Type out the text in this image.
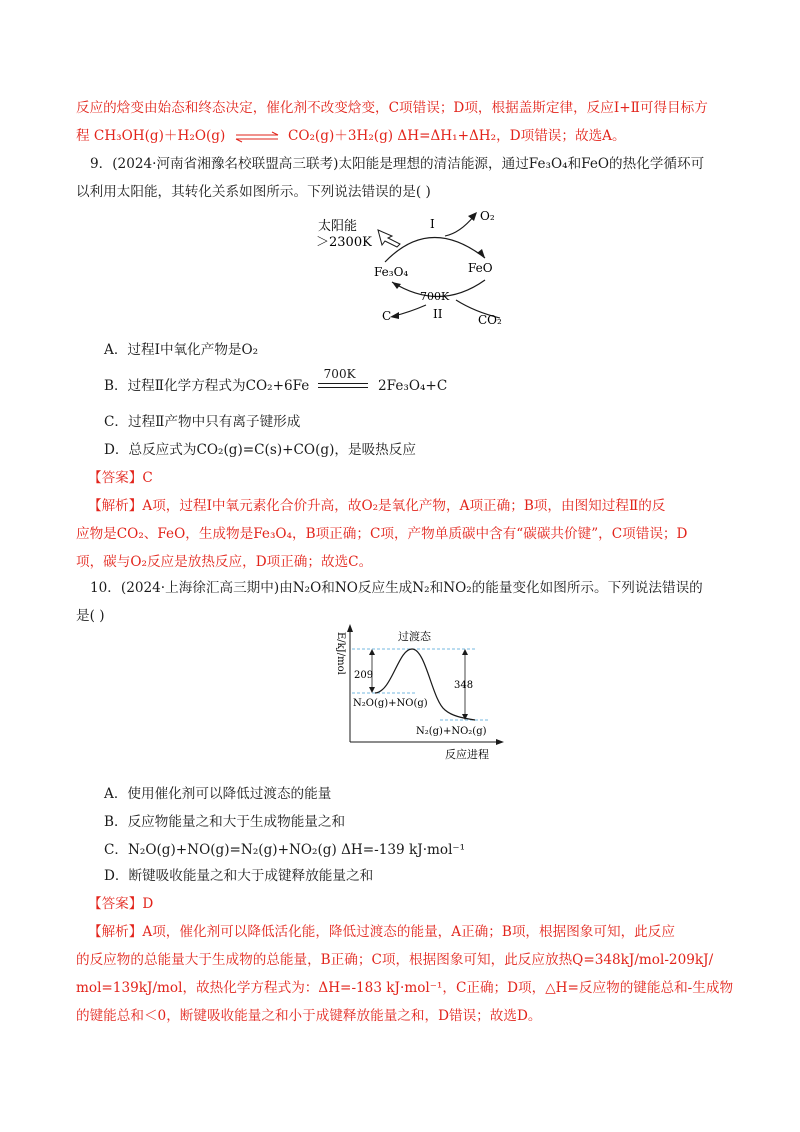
反应的焓变由始态和终态决定，催化剂不改变焓变，C项错误；D项，根据盖斯定律，反应Ⅰ+Ⅱ可得目标方
程 CH₃OH(g)＋H₂O(g) ⇌ CO₂(g)＋3H₂(g) ΔH=ΔH₁+ΔH₂，D项错误；故选A。
9．(2024·河南省湘豫名校联盟高三联考)太阳能是理想的清洁能源，通过Fe₃O₄和FeO的热化学循环可
以利用太阳能，其转化关系如图所示。下列说法错误的是( )
太阳能
＞2300K
I
O₂
Fe₃O₄	FeO
700K
II
C	CO₂
A．过程Ⅰ中氧化产物是O₂
B．过程Ⅱ化学方程式为CO₂+6Fe
700K
2Fe₃O₄+C
C．过程Ⅱ产物中只有离子键形成
D．总反应式为CO₂(g)=C(s)+CO(g)，是吸热反应
【答案】C
【解析】A项，过程Ⅰ中氧元素化合价升高，故O₂是氧化产物，A项正确；B项，由图知过程Ⅱ的反
应物是CO₂、FeO，生成物是Fe₃O₄，B项正确；C项，产物单质碳中含有“碳碳共价键”，C项错误；D
项，碳与O₂反应是放热反应，D项正确；故选C。
10．(2024·上海徐汇高三期中)由N₂O和NO反应生成N₂和NO₂的能量变化如图所示。下列说法错误的
是( )
E/kJ/mol
反应进程
过渡态
209
348
N₂O(g)+NO(g)
N₂(g)+NO₂(g)
A．使用催化剂可以降低过渡态的能量
B．反应物能量之和大于生成物能量之和
C．N₂O(g)+NO(g)=N₂(g)+NO₂(g) ΔH=-139 kJ·mol⁻¹
D．断键吸收能量之和大于成键释放能量之和
【答案】D
【解析】A项，催化剂可以降低活化能，降低过渡态的能量，A正确；B项，根据图象可知，此反应
的反应物的总能量大于生成物的总能量，B正确；C项，根据图象可知，此反应放热Q=348kJ/mol-209kJ/
mol=139kJ/mol，故热化学方程式为：ΔH=-183 kJ·mol⁻¹，C正确；D项，△H=反应物的键能总和-生成物
的键能总和＜0，断键吸收能量之和小于成键释放能量之和，D错误；故选D。
